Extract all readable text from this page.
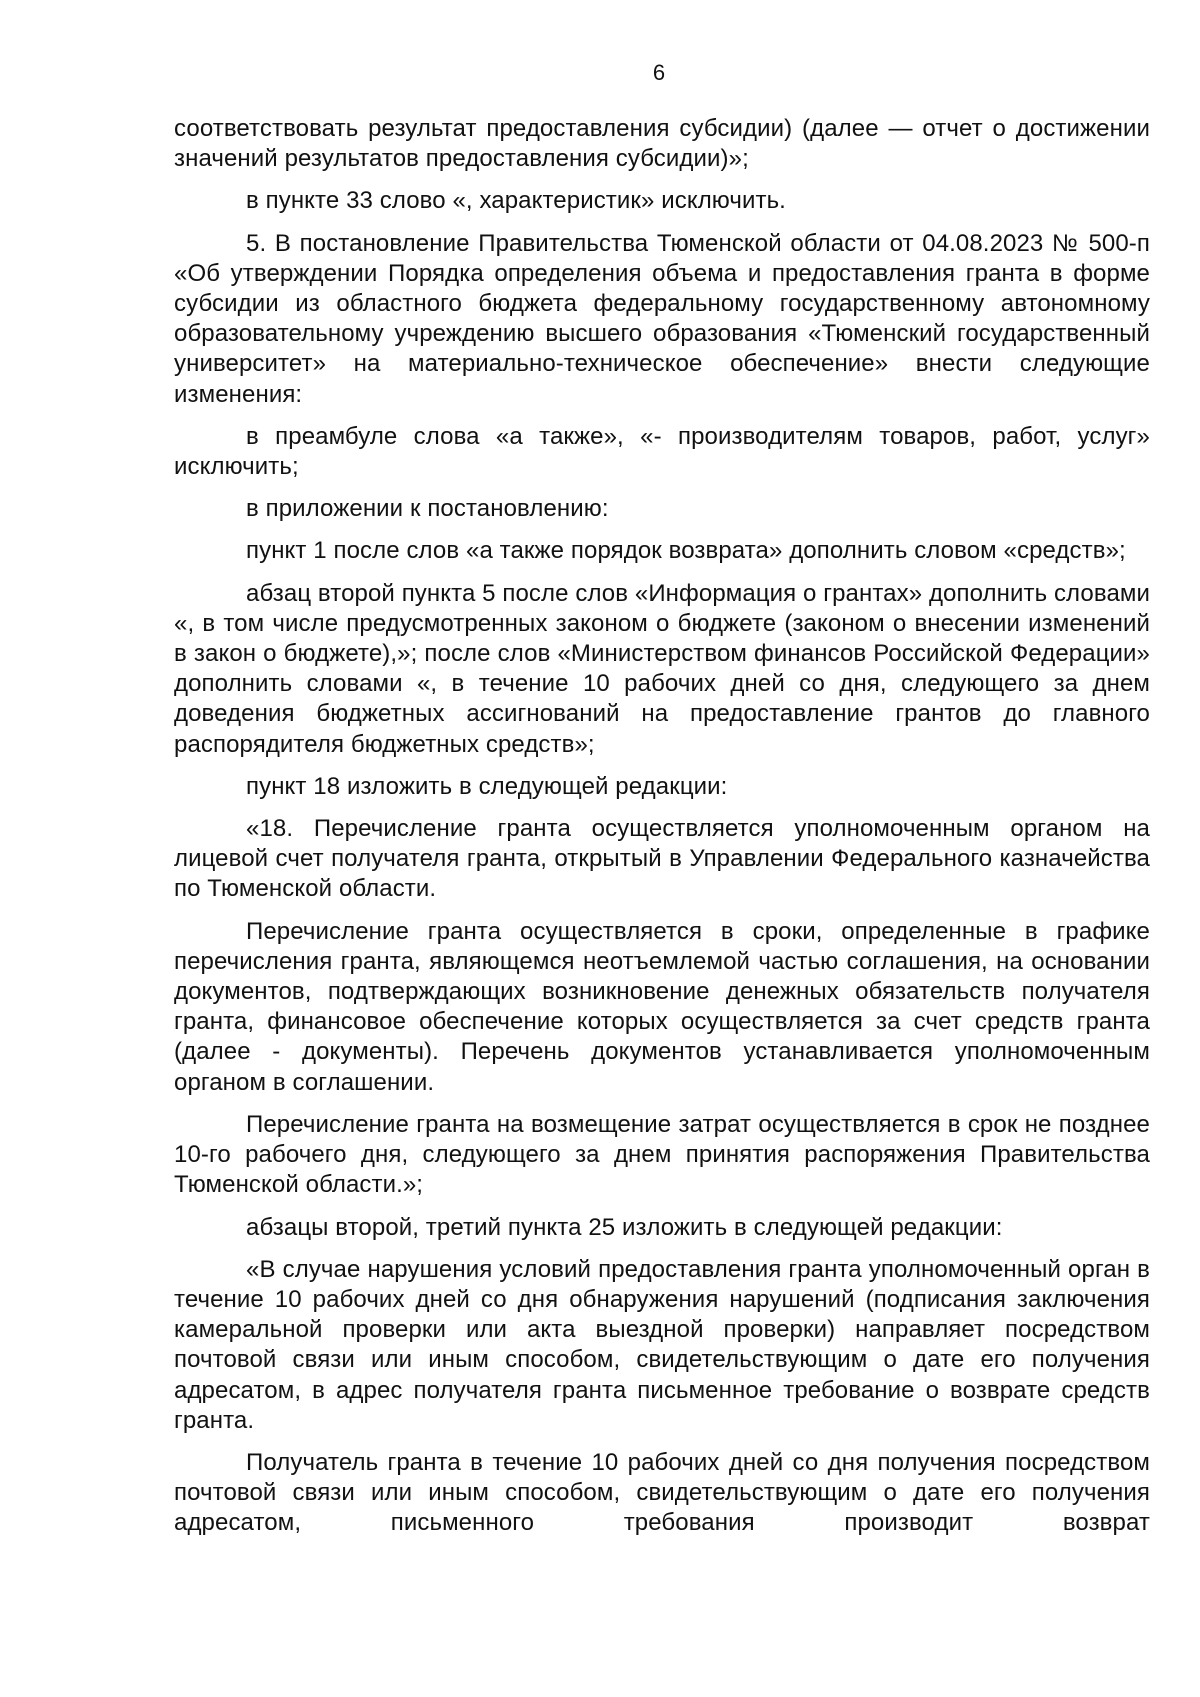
6

соответствовать результат предоставления субсидии) (далее — отчет о достижении значений результатов предоставления субсидии)»;

в пункте 33 слово «, характеристик» исключить.

5. В постановление Правительства Тюменской области от 04.08.2023 № 500-п «Об утверждении Порядка определения объема и предоставления гранта в форме субсидии из областного бюджета федеральному государственному автономному образовательному учреждению высшего образования «Тюменский государственный университет» на материально-техническое обеспечение» внести следующие изменения:

в преамбуле слова «а также», «- производителям товаров, работ, услуг» исключить;

в приложении к постановлению:

пункт 1 после слов «а также порядок возврата» дополнить словом «средств»;

абзац второй пункта 5 после слов «Информация о грантах» дополнить словами «, в том числе предусмотренных законом о бюджете (законом о внесении изменений в закон о бюджете),»; после слов «Министерством финансов Российской Федерации» дополнить словами «, в течение 10 рабочих дней со дня, следующего за днем доведения бюджетных ассигнований на предоставление грантов до главного распорядителя бюджетных средств»;

пункт 18 изложить в следующей редакции:

«18. Перечисление гранта осуществляется уполномоченным органом на лицевой счет получателя гранта, открытый в Управлении Федерального казначейства по Тюменской области.

Перечисление гранта осуществляется в сроки, определенные в графике перечисления гранта, являющемся неотъемлемой частью соглашения, на основании документов, подтверждающих возникновение денежных обязательств получателя гранта, финансовое обеспечение которых осуществляется за счет средств гранта (далее - документы). Перечень документов устанавливается уполномоченным органом в соглашении.

Перечисление гранта на возмещение затрат осуществляется в срок не позднее 10-го рабочего дня, следующего за днем принятия распоряжения Правительства Тюменской области.»;

абзацы второй, третий пункта 25 изложить в следующей редакции:

«В случае нарушения условий предоставления гранта уполномоченный орган в течение 10 рабочих дней со дня обнаружения нарушений (подписания заключения камеральной проверки или акта выездной проверки) направляет посредством почтовой связи или иным способом, свидетельствующим о дате его получения адресатом, в адрес получателя гранта письменное требование о возврате средств гранта.

Получатель гранта в течение 10 рабочих дней со дня получения посредством почтовой связи или иным способом, свидетельствующим о дате его получения адресатом, письменного требования производит возврат
